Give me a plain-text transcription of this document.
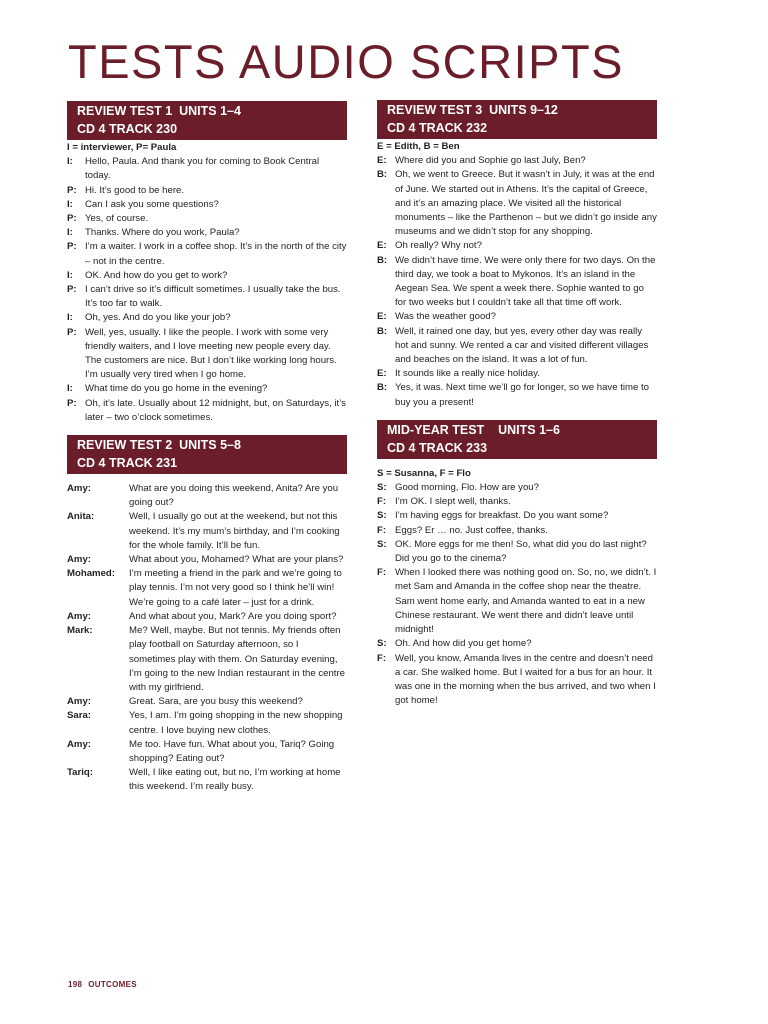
TESTS AUDIO SCRIPTS
REVIEW TEST 1  UNITS 1–4
CD 4 TRACK 230
I = interviewer, P= Paula
I:	Hello, Paula. And thank you for coming to Book Central today.
P: Hi. It’s good to be here.
I:	Can I ask you some questions?
P: Yes, of course.
I:	Thanks. Where do you work, Paula?
P: I’m a waiter. I work in a coffee shop. It’s in the north of the city – not in the centre.
I:	OK. And how do you get to work?
P: I can’t drive so it’s difficult sometimes. I usually take the bus. It’s too far to walk.
I:	Oh, yes. And do you like your job?
P: Well, yes, usually. I like the people. I work with some very friendly waiters, and I love meeting new people every day. The customers are nice. But I don’t like working long hours. I’m usually very tired when I go home.
I:	What time do you go home in the evening?
P: Oh, it’s late. Usually about 12 midnight, but, on Saturdays, it’s later – two o’clock sometimes.
REVIEW TEST 2  UNITS 5–8
CD 4 TRACK 231
Amy:	What are you doing this weekend, Anita? Are you going out?
Anita:	Well, I usually go out at the weekend, but not this weekend. It’s my mum’s birthday, and I’m cooking for the whole family. It’ll be fun.
Amy:	What about you, Mohamed? What are your plans?
Mohamed:	I’m meeting a friend in the park and we’re going to play tennis. I’m not very good so I think he’ll win! We’re going to a café later – just for a drink.
Amy:	And what about you, Mark? Are you doing sport?
Mark:	Me? Well, maybe. But not tennis. My friends often play football on Saturday afternoon, so I sometimes play with them. On Saturday evening, I’m going to the new Indian restaurant in the centre with my girlfriend.
Amy:	Great. Sara, are you busy this weekend?
Sara:	Yes, I am. I’m going shopping in the new shopping centre. I love buying new clothes.
Amy:	Me too. Have fun. What about you, Tariq? Going shopping? Eating out?
Tariq:	Well, I like eating out, but no, I’m working at home this weekend. I’m really busy.
REVIEW TEST 3  UNITS 9–12
CD 4 TRACK 232
E = Edith, B = Ben
E: Where did you and Sophie go last July, Ben?
B: Oh, we went to Greece. But it wasn’t in July, it was at the end of June. We started out in Athens. It’s the capital of Greece, and it’s an amazing place. We visited all the historical monuments – like the Parthenon – but we didn’t go inside any museums and we didn’t stop for any shopping.
E: Oh really? Why not?
B: We didn’t have time. We were only there for two days. On the third day, we took a boat to Mykonos. It’s an island in the Aegean Sea. We spent a week there. Sophie wanted to go for two weeks but I couldn’t take all that time off work.
E: Was the weather good?
B: Well, it rained one day, but yes, every other day was really hot and sunny. We rented a car and visited different villages and beaches on the island. It was a lot of fun.
E: It sounds like a really nice holiday.
B: Yes, it was. Next time we’ll go for longer, so we have time to buy you a present!
MID-YEAR TEST    UNITS 1–6
CD 4 TRACK 233
S = Susanna, F = Flo
S: Good morning, Flo. How are you?
F: I’m OK. I slept well, thanks.
S: I’m having eggs for breakfast. Do you want some?
F: Eggs? Er … no. Just coffee, thanks.
S: OK. More eggs for me then! So, what did you do last night? Did you go to the cinema?
F: When I looked there was nothing good on. So, no, we didn’t. I met Sam and Amanda in the coffee shop near the theatre. Sam went home early, and Amanda wanted to eat in a new Chinese restaurant. We went there and didn’t leave until midnight!
S: Oh. And how did you get home?
F: Well, you know, Amanda lives in the centre and doesn’t need a car. She walked home. But I waited for a bus for an hour. It was one in the morning when the bus arrived, and two when I got home!
198 OUTCOMES
